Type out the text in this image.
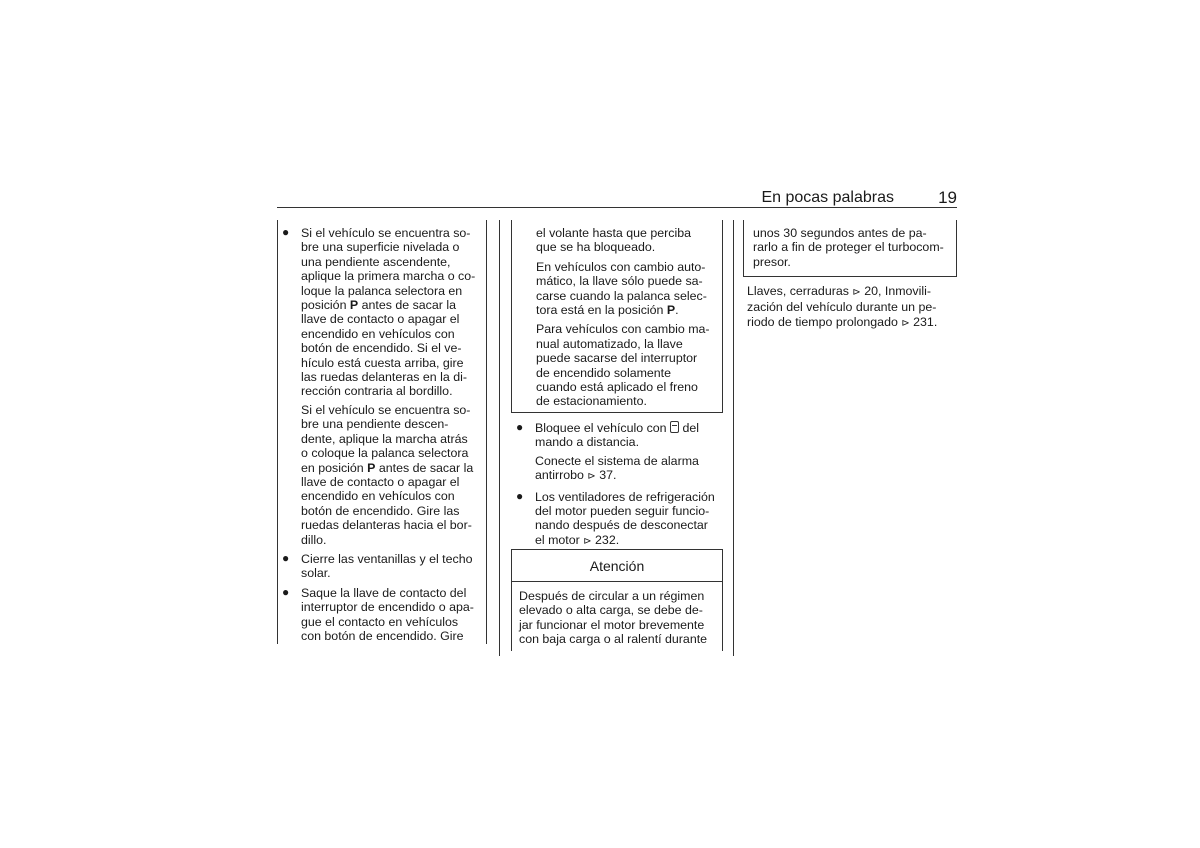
En pocas palabras	19
● Si el vehículo se encuentra so-
bre una superficie nivelada o
una pendiente ascendente,
aplique la primera marcha o co-
loque la palanca selectora en
posición P antes de sacar la
llave de contacto o apagar el
encendido en vehículos con
botón de encendido. Si el ve-
hículo está cuesta arriba, gire
las ruedas delanteras en la di-
rección contraria al bordillo.

Si el vehículo se encuentra so-
bre una pendiente descen-
dente, aplique la marcha atrás
o coloque la palanca selectora
en posición P antes de sacar la
llave de contacto o apagar el
encendido en vehículos con
botón de encendido. Gire las
ruedas delanteras hacia el bor-
dillo.

● Cierre las ventanillas y el techo
solar.

● Saque la llave de contacto del
interruptor de encendido o apa-
gue el contacto en vehículos
con botón de encendido. Gire

el volante hasta que perciba
que se ha bloqueado.

En vehículos con cambio auto-
mático, la llave sólo puede sa-
carse cuando la palanca selec-
tora está en la posición P.

Para vehículos con cambio ma-
nual automatizado, la llave
puede sacarse del interruptor
de encendido solamente
cuando está aplicado el freno
de estacionamiento.

● Bloquee el vehículo con  del
mando a distancia.

Conecte el sistema de alarma
antirrobo ⊳ 37.

● Los ventiladores de refrigeración
del motor pueden seguir funcio-
nando después de desconectar
el motor ⊳ 232.

Atención

Después de circular a un régimen
elevado o alta carga, se debe de-
jar funcionar el motor brevemente
con baja carga o al ralentí durante

unos 30 segundos antes de pa-
rarlo a fin de proteger el turbocom-
presor.

Llaves, cerraduras ⊳ 20, Inmovili-
zación del vehículo durante un pe-
riodo de tiempo prolongado ⊳ 231.
